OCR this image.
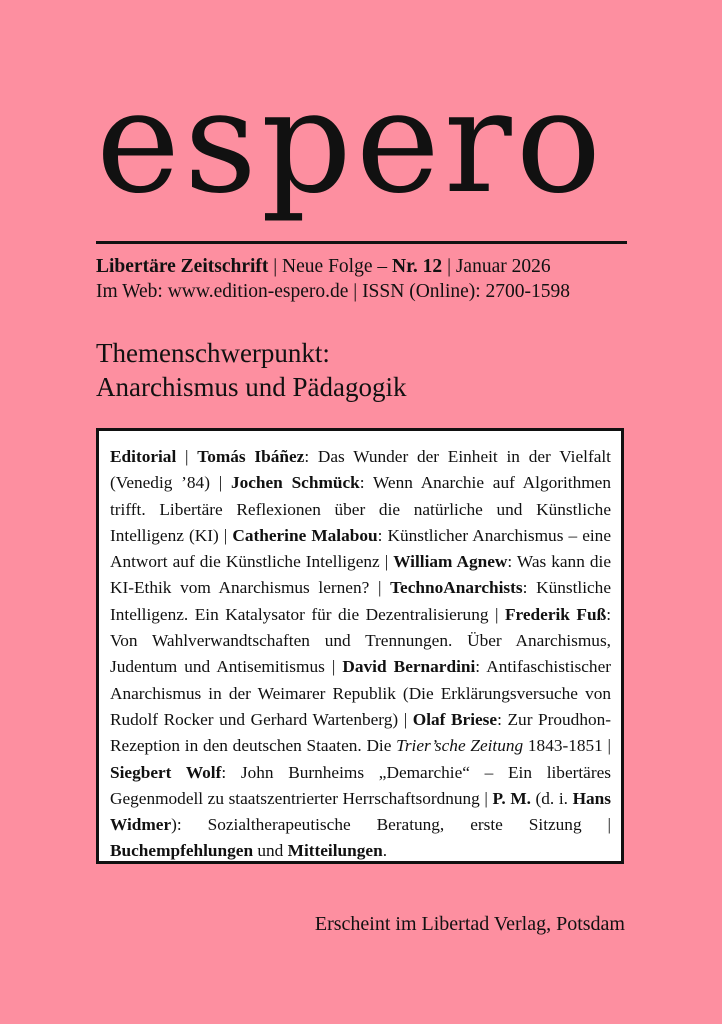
espero
Libertäre Zeitschrift | Neue Folge – Nr. 12 | Januar 2026
Im Web: www.edition-espero.de | ISSN (Online): 2700-1598
Themenschwerpunkt:
Anarchismus und Pädagogik
Editorial | Tomás Ibáñez: Das Wunder der Einheit in der Vielfalt (Venedig ’84) | Jochen Schmück: Wenn Anarchie auf Algorithmen trifft. Libertäre Reflexionen über die natürliche und Künstliche Intelligenz (KI) | Catherine Malabou: Künstlicher Anarchismus – eine Antwort auf die Künstliche Intelligenz | William Agnew: Was kann die KI-Ethik vom Anarchismus lernen? | TechnoAnarchists: Künstliche Intelligenz. Ein Katalysator für die Dezentralisierung | Frederik Fuß: Von Wahlverwandtschaften und Trennungen. Über Anarchismus, Judentum und Antisemitismus | David Bernardini: Antifaschistischer Anarchismus in der Weimarer Republik (Die Erklärungsversuche von Rudolf Rocker und Gerhard Wartenberg) | Olaf Briese: Zur Proudhon-Rezeption in den deutschen Staaten. Die Trier’sche Zeitung 1843-1851 | Siegbert Wolf: John Burnheims „Demarchie“ – Ein libertäres Gegenmodell zu staatszentrierter Herrschaftsordnung | P. M. (d. i. Hans Widmer): Sozialtherapeutische Beratung, erste Sitzung | Buchempfehlungen und Mitteilungen.
Erscheint im Libertad Verlag, Potsdam
